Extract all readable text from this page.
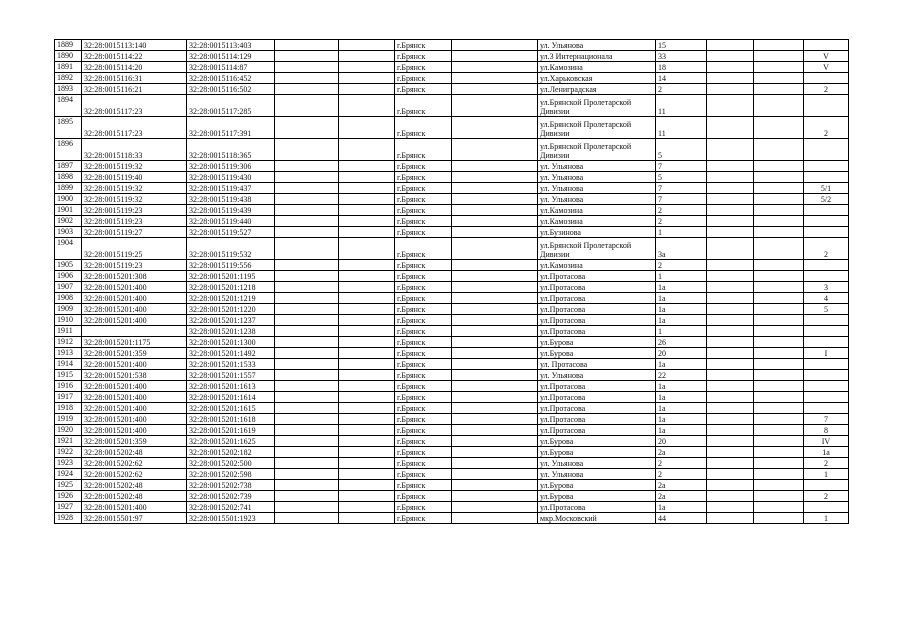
1889	32:28:0015113:140	32:28:0015113:403			г.Брянск		ул. Ульянова	15			
1890	32:28:0015114:22	32:28:0015114:129			г.Брянск		ул.3 Интернационала	33			V
1891	32:28:0015114:20	32:28:0015114:87			г.Брянск		ул.Камозина	18			V
1892	32:28:0015116:31	32:28:0015116:452			г.Брянск		ул.Харьковская	14			
1893	32:28:0015116:21	32:28:0015116:502			г.Брянск		ул.Лениградская	2			2
1894	32:28:0015117:23	32:28:0015117:285			г.Брянск		ул.Брянской Пролетарской Дивизии	11			
1895	32:28:0015117:23	32:28:0015117:391			г.Брянск		ул.Брянской Пролетарской Дивизии	11			2
1896	32:28:0015118:33	32:28:0015118:365			г.Брянск		ул.Брянской Пролетарской Дивизии	5			
1897	32:28:0015119:32	32:28:0015119:306			г.Брянск		ул. Ульянова	7			
1898	32:28:0015119:40	32:28:0015119:430			г.Брянск		ул. Ульянова	5			
1899	32:28:0015119:32	32:28:0015119:437			г.Брянск		ул. Ульянова	7			5/1
1900	32:28:0015119:32	32:28:0015119:438			г.Брянск		ул. Ульянова	7			5/2
1901	32:28:0015119:23	32:28:0015119:439			г.Брянск		ул.Камозина	2			
1902	32:28:0015119:23	32:28:0015119:440			г.Брянск		ул.Камозина	2			
1903	32:28:0015119:27	32:28:0015119:527			г.Брянск		ул.Бузинова	1			
1904	32:28:0015119:25	32:28:0015119:532			г.Брянск		ул.Брянской Пролетарской Дивизии	3а			2
1905	32:28:0015119:23	32:28:0015119:556			г.Брянск		ул.Камозина	2			
1906	32:28:0015201:308	32:28:0015201:1195			г.Брянск		ул.Протасова	1			
1907	32:28:0015201:400	32:28:0015201:1218			г.Брянск		ул.Протасова	1а			3
1908	32:28:0015201:400	32:28:0015201:1219			г.Брянск		ул.Протасова	1а			4
1909	32:28:0015201:400	32:28:0015201:1220			г.Брянск		ул.Протасова	1а			5
1910	32:28:0015201:400	32:28:0015201:1237			г.Брянск		ул.Протасова	1а			
1911		32:28:0015201:1238			г.Брянск		ул.Протасова	1			
1912	32:28:0015201:1175	32:28:0015201:1300			г.Брянск		ул.Бурова	26			
1913	32:28:0015201:359	32:28:0015201:1492			г.Брянск		ул.Бурова	20			I
1914	32:28:0015201:400	32:28:0015201:1533			г.Брянск		ул. Протасова	1а			
1915	32:28:0015201:538	32:28:0015201:1557			г.Брянск		ул. Ульянова	22			
1916	32:28:0015201:400	32:28:0015201:1613			г.Брянск		ул.Протасова	1а			
1917	32:28:0015201:400	32:28:0015201:1614			г.Брянск		ул.Протасова	1а			
1918	32:28:0015201:400	32:28:0015201:1615			г.Брянск		ул.Протасова	1а			
1919	32:28:0015201:400	32:28:0015201:1618			г.Брянск		ул.Протасова	1а			7
1920	32:28:0015201:400	32:28:0015201:1619			г.Брянск		ул.Протасова	1а			8
1921	32:28:0015201:359	32:28:0015201:1625			г.Брянск		ул.Бурова	20			IV
1922	32:28:0015202:48	32:28:0015202:182			г.Брянск		ул.Бурова	2а			1а
1923	32:28:0015202:62	32:28:0015202:500			г.Брянск		ул. Ульянова	2			2
1924	32:28:0015202:62	32:28:0015202:598			г.Брянск		ул. Ульянова	2			1
1925	32:28:0015202:48	32:28:0015202:738			г.Брянск		ул.Бурова	2а			
1926	32:28:0015202:48	32:28:0015202:739			г.Брянск		ул.Бурова	2а			2
1927	32:28:0015201:400	32:28:0015202:741			г.Брянск		ул.Протасова	1а			
1928	32:28:0015501:97	32:28:0015501:1923			г.Брянск		мкр.Московский	44			1
